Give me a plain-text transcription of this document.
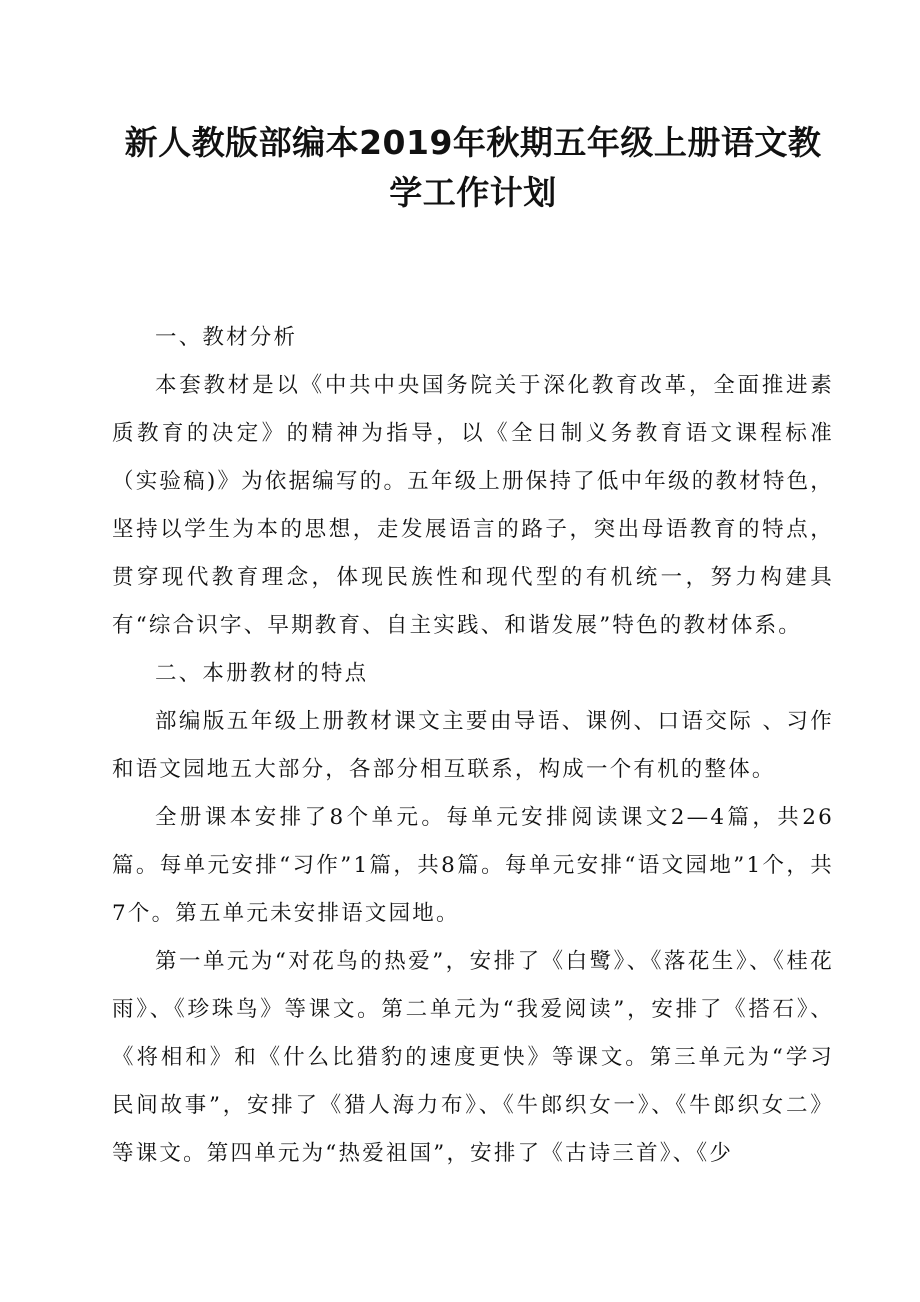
新人教版部编本2019年秋期五年级上册语文教
学工作计划

一、教材分析

本套教材是以《中共中央国务院关于深化教育改革，全面推进素质教育的决定》的精神为指导，以《全日制义务教育语文课程标准（实验稿)》为依据编写的。五年级上册保持了低中年级的教材特色，坚持以学生为本的思想，走发展语言的路子，突出母语教育的特点，贯穿现代教育理念，体现民族性和现代型的有机统一，努力构建具有“综合识字、早期教育、自主实践、和谐发展”特色的教材体系。

二、本册教材的特点

部编版五年级上册教材课文主要由导语、课例、口语交际 、习作和语文园地五大部分，各部分相互联系，构成一个有机的整体。

全册课本安排了8个单元。每单元安排阅读课文2—4篇，共26篇。每单元安排“习作”1篇，共8篇。每单元安排“语文园地”1个，共7个。第五单元未安排语文园地。

第一单元为“对花鸟的热爱”，安排了《白鹭》、《落花生》、《桂花雨》、《珍珠鸟》等课文。第二单元为“我爱阅读”，安排了《搭石》、《将相和》和《什么比猎豹的速度更快》等课文。第三单元为“学习民间故事”，安排了《猎人海力布》、《牛郎织女一》、《牛郎织女二》等课文。第四单元为“热爱祖国”，安排了《古诗三首》、《少
